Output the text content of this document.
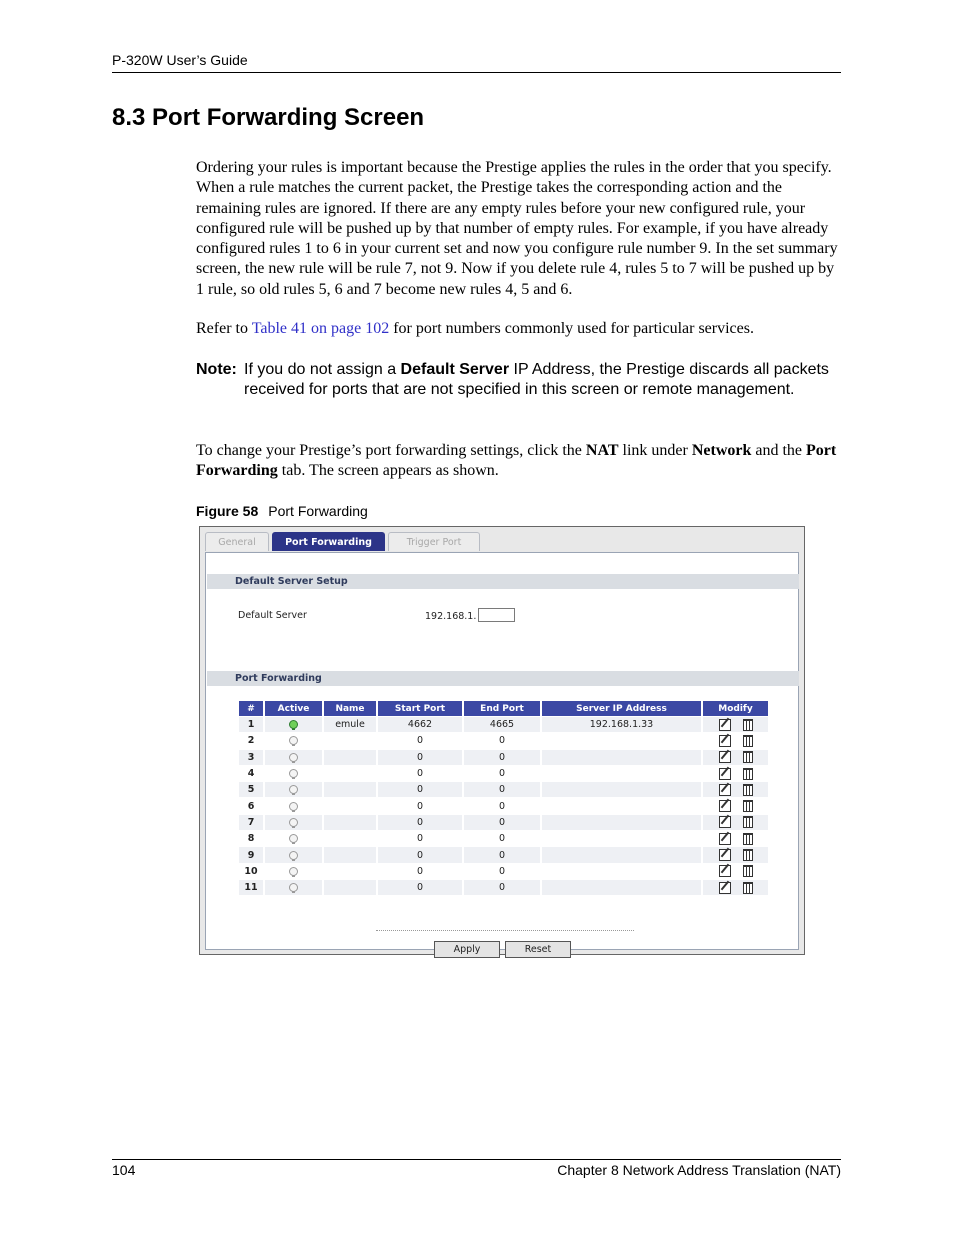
P-320W User’s Guide
8.3 Port Forwarding Screen

Ordering your rules is important because the Prestige applies the rules in the order that you specify. When a rule matches the current packet, the Prestige takes the corresponding action and the remaining rules are ignored. If there are any empty rules before your new configured rule, your configured rule will be pushed up by that number of empty rules. For example, if you have already configured rules 1 to 6 in your current set and now you configure rule number 9. In the set summary screen, the new rule will be rule 7, not 9. Now if you delete rule 4, rules 5 to 7 will be pushed up by 1 rule, so old rules 5, 6 and 7 become new rules 4, 5 and 6.

Refer to Table 41 on page 102 for port numbers commonly used for particular services.

Note: If you do not assign a Default Server IP Address, the Prestige discards all packets received for ports that are not specified in this screen or remote management.

To change your Prestige’s port forwarding settings, click the NAT link under Network and the Port Forwarding tab. The screen appears as shown.

Figure 58 Port Forwarding
General	Port Forwarding	Trigger Port
Default Server Setup
Default Server	192.168.1.
Port Forwarding
#	Active	Name	Start Port	End Port	Server IP Address	Modify
1		emule	4662	4665	192.168.1.33	
2			0	0		
3			0	0		
4			0	0		
5			0	0		
6			0	0		
7			0	0		
8			0	0		
9			0	0		
10			0	0		
11			0	0		
Apply	Reset
104	Chapter 8 Network Address Translation (NAT)
